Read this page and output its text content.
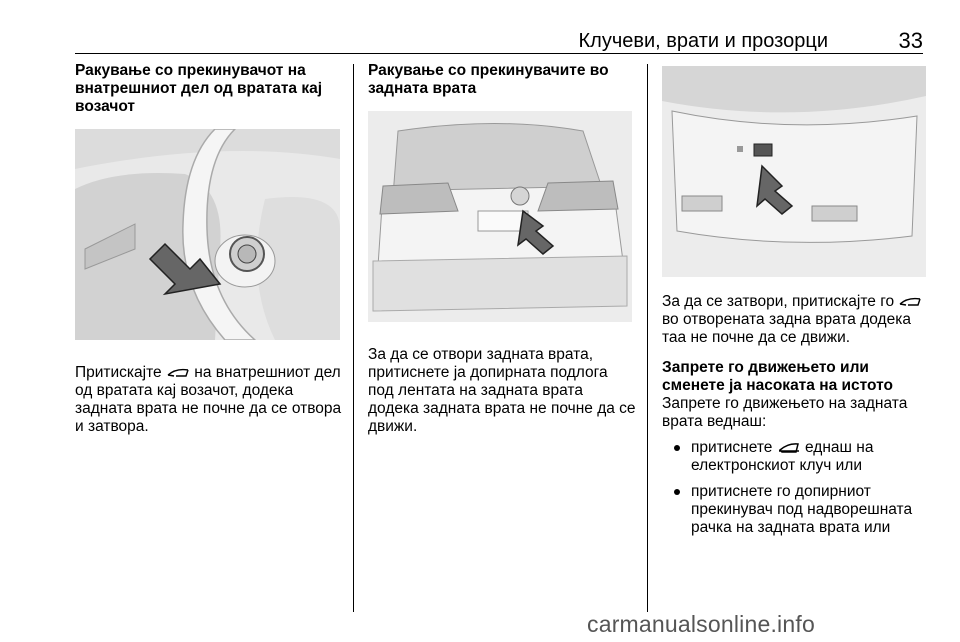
Клучеви, врати и прозорци	33

Ракување со прекинувачот на внатрешниот дел од вратата кај возачот

Притискајте на внатрешниот дел од вратата кај возачот, додека задната врата не почне да се отвора и затвора.

Ракување со прекинувачите во задната врата

За да се отвори задната врата, притиснете ја допирната подлога под лентата на задната врата додека задната врата не почне да се движи.

За да се затвори, притискајте го  во отворената задна врата додека таа не почне да се движи.

Запрете го движењето или сменете ја насоката на истото

Запрете го движењето на задната врата веднаш:

притиснете еднаш на електронскиот клуч или
притиснете го допирниот прекинувач под надворешната рачка на задната врата или
carmanualsonline.info
